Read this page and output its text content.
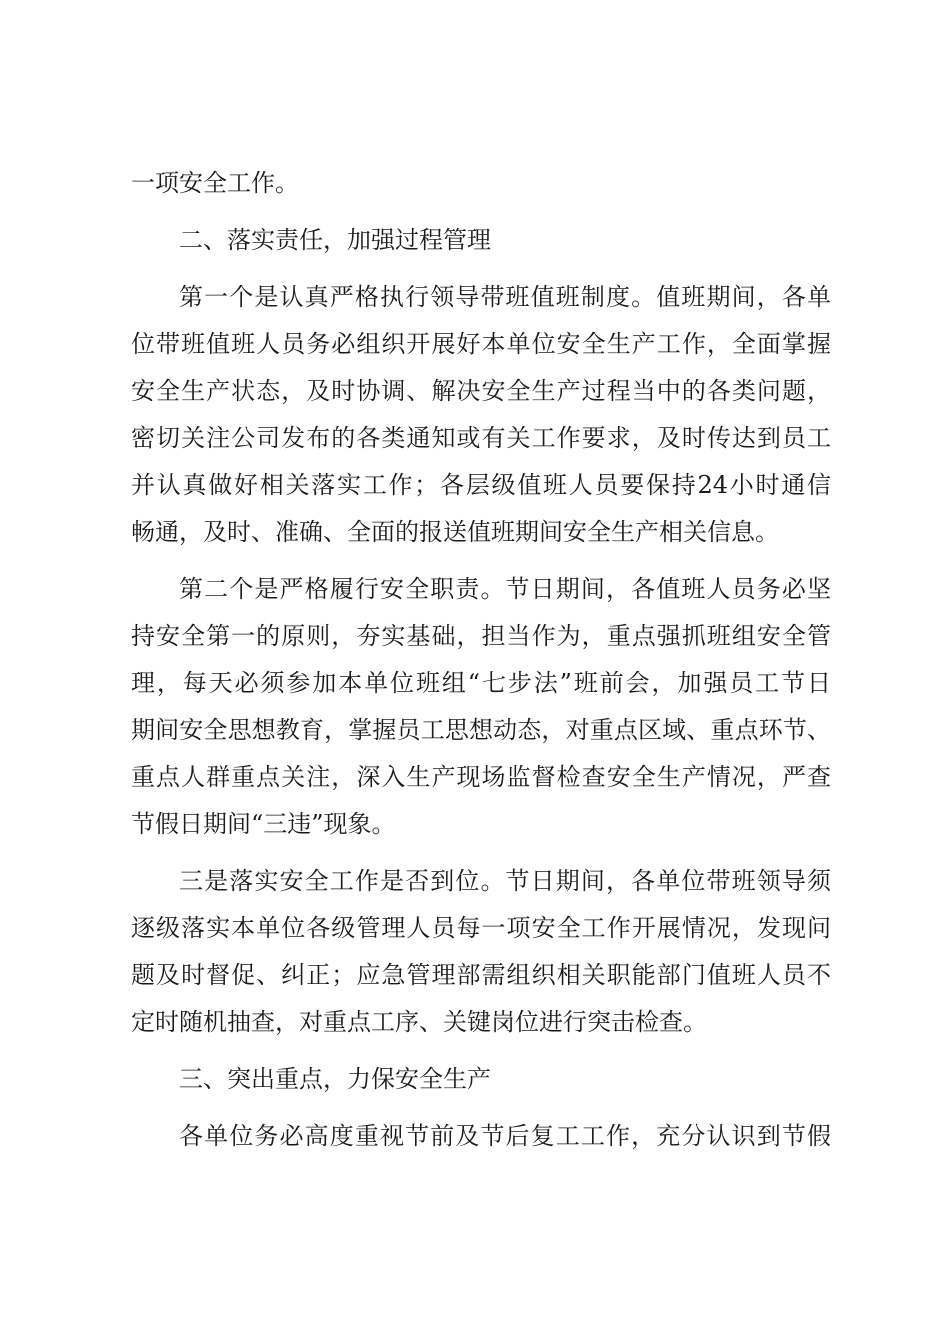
一项安全工作。
二、落实责任，加强过程管理
第一个是认真严格执行领导带班值班制度。值班期间，各单
位带班值班人员务必组织开展好本单位安全生产工作，全面掌握
安全生产状态，及时协调、解决安全生产过程当中的各类问题，
密切关注公司发布的各类通知或有关工作要求，及时传达到员工
并认真做好相关落实工作；各层级值班人员要保持24小时通信
畅通，及时、准确、全面的报送值班期间安全生产相关信息。
第二个是严格履行安全职责。节日期间，各值班人员务必坚
持安全第一的原则，夯实基础，担当作为，重点强抓班组安全管
理，每天必须参加本单位班组“七步法”班前会，加强员工节日
期间安全思想教育，掌握员工思想动态，对重点区域、重点环节、
重点人群重点关注，深入生产现场监督检查安全生产情况，严查
节假日期间“三违”现象。
三是落实安全工作是否到位。节日期间，各单位带班领导须
逐级落实本单位各级管理人员每一项安全工作开展情况，发现问
题及时督促、纠正；应急管理部需组织相关职能部门值班人员不
定时随机抽查，对重点工序、关键岗位进行突击检查。
三、突出重点，力保安全生产
各单位务必高度重视节前及节后复工工作，充分认识到节假
